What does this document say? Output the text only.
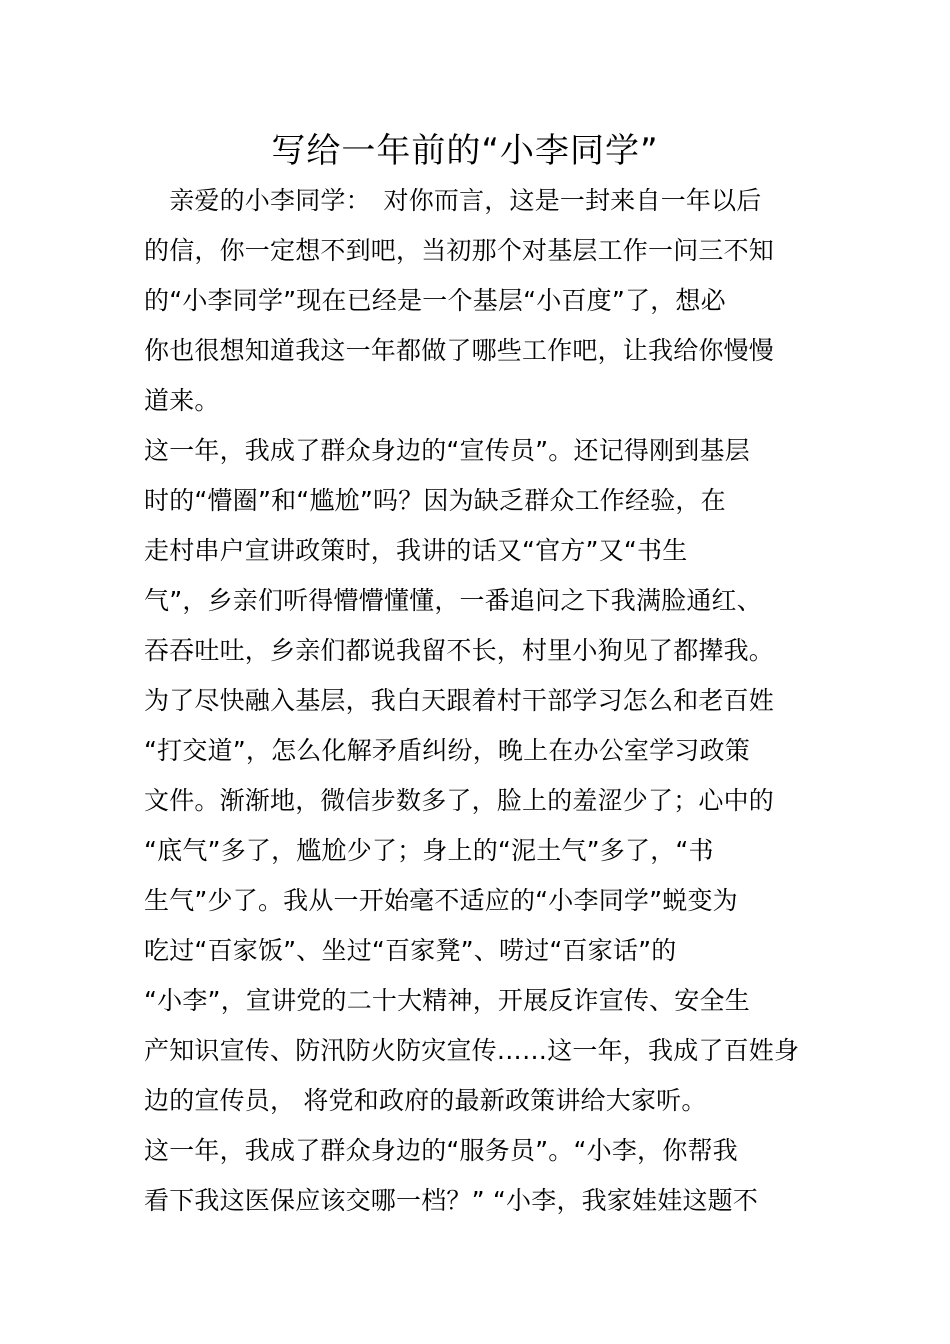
写给一年前的“小李同学”
　亲爱的小李同学：　对你而言，这是一封来自一年以后
的信，你一定想不到吧，当初那个对基层工作一问三不知
的“小李同学”现在已经是一个基层“小百度”了，想必
你也很想知道我这一年都做了哪些工作吧，让我给你慢慢
道来。
这一年，我成了群众身边的“宣传员”。还记得刚到基层
时的“懵圈”和“尴尬”吗？因为缺乏群众工作经验，在
走村串户宣讲政策时，我讲的话又“官方”又“书生
气”，乡亲们听得懵懵懂懂，一番追问之下我满脸通红、
吞吞吐吐，乡亲们都说我留不长，村里小狗见了都撵我。
为了尽快融入基层，我白天跟着村干部学习怎么和老百姓
“打交道”，怎么化解矛盾纠纷，晚上在办公室学习政策
文件。渐渐地，微信步数多了，脸上的羞涩少了；心中的
“底气”多了，尴尬少了；身上的“泥土气”多了，“书
生气”少了。我从一开始毫不适应的“小李同学”蜕变为
吃过“百家饭”、坐过“百家凳”、唠过“百家话”的
“小李”，宣讲党的二十大精神，开展反诈宣传、安全生
产知识宣传、防汛防火防灾宣传……这一年，我成了百姓身
边的宣传员， 将党和政府的最新政策讲给大家听。
这一年，我成了群众身边的“服务员”。“小李，你帮我
看下我这医保应该交哪一档？” “小李，我家娃娃这题不
